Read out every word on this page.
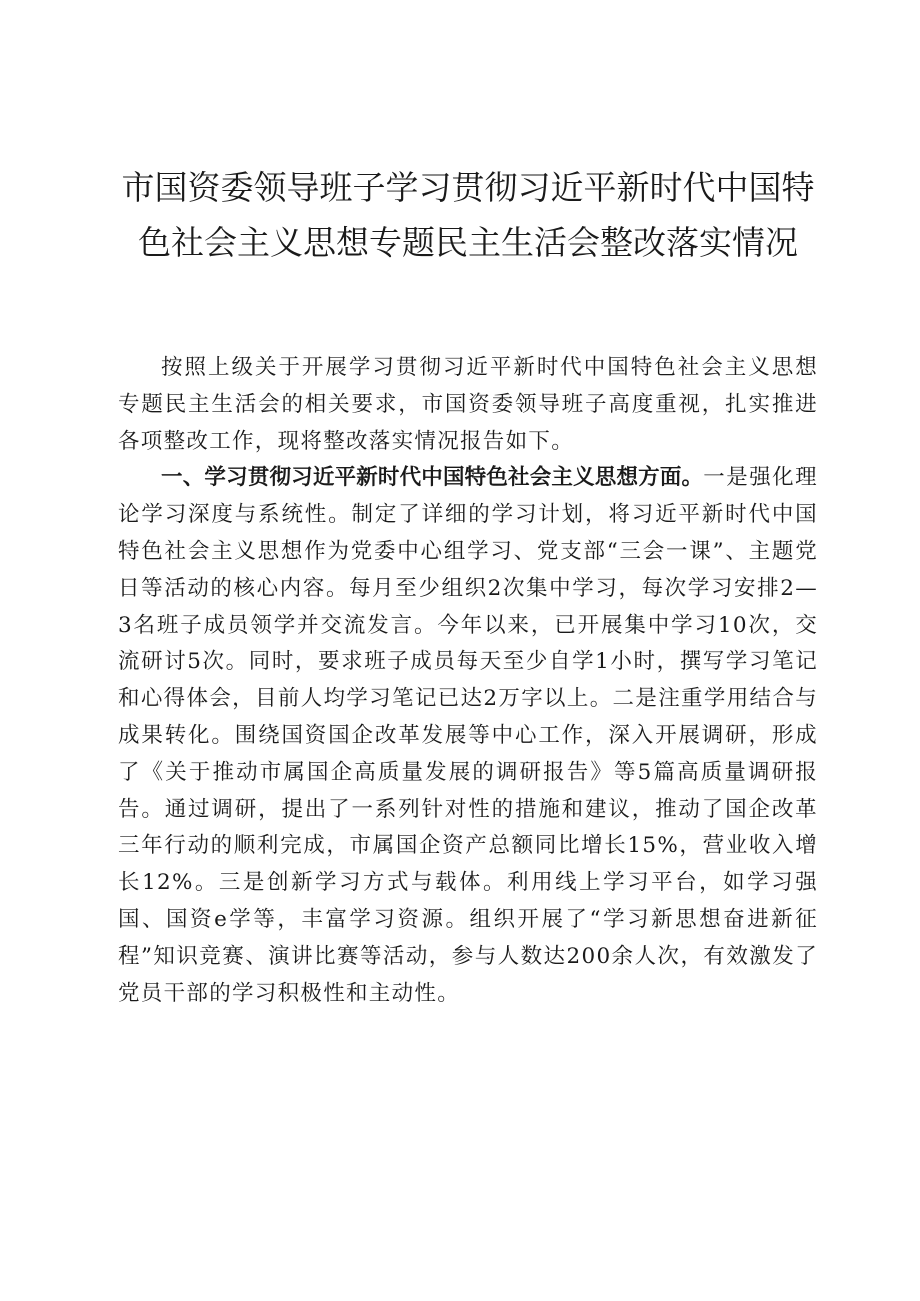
市国资委领导班子学习贯彻习近平新时代中国特色社会主义思想专题民主生活会整改落实情况

按照上级关于开展学习贯彻习近平新时代中国特色社会主义思想专题民主生活会的相关要求，市国资委领导班子高度重视，扎实推进各项整改工作，现将整改落实情况报告如下。

一、学习贯彻习近平新时代中国特色社会主义思想方面。一是强化理论学习深度与系统性。制定了详细的学习计划，将习近平新时代中国特色社会主义思想作为党委中心组学习、党支部“三会一课”、主题党日等活动的核心内容。每月至少组织2次集中学习，每次学习安排2—3名班子成员领学并交流发言。今年以来，已开展集中学习10次，交流研讨5次。同时，要求班子成员每天至少自学1小时，撰写学习笔记和心得体会，目前人均学习笔记已达2万字以上。二是注重学用结合与成果转化。围绕国资国企改革发展等中心工作，深入开展调研，形成了《关于推动市属国企高质量发展的调研报告》等5篇高质量调研报告。通过调研，提出了一系列针对性的措施和建议，推动了国企改革三年行动的顺利完成，市属国企资产总额同比增长15%，营业收入增长12%。三是创新学习方式与载体。利用线上学习平台，如学习强国、国资e学等，丰富学习资源。组织开展了“学习新思想奋进新征程”知识竞赛、演讲比赛等活动，参与人数达200余人次，有效激发了党员干部的学习积极性和主动性。
